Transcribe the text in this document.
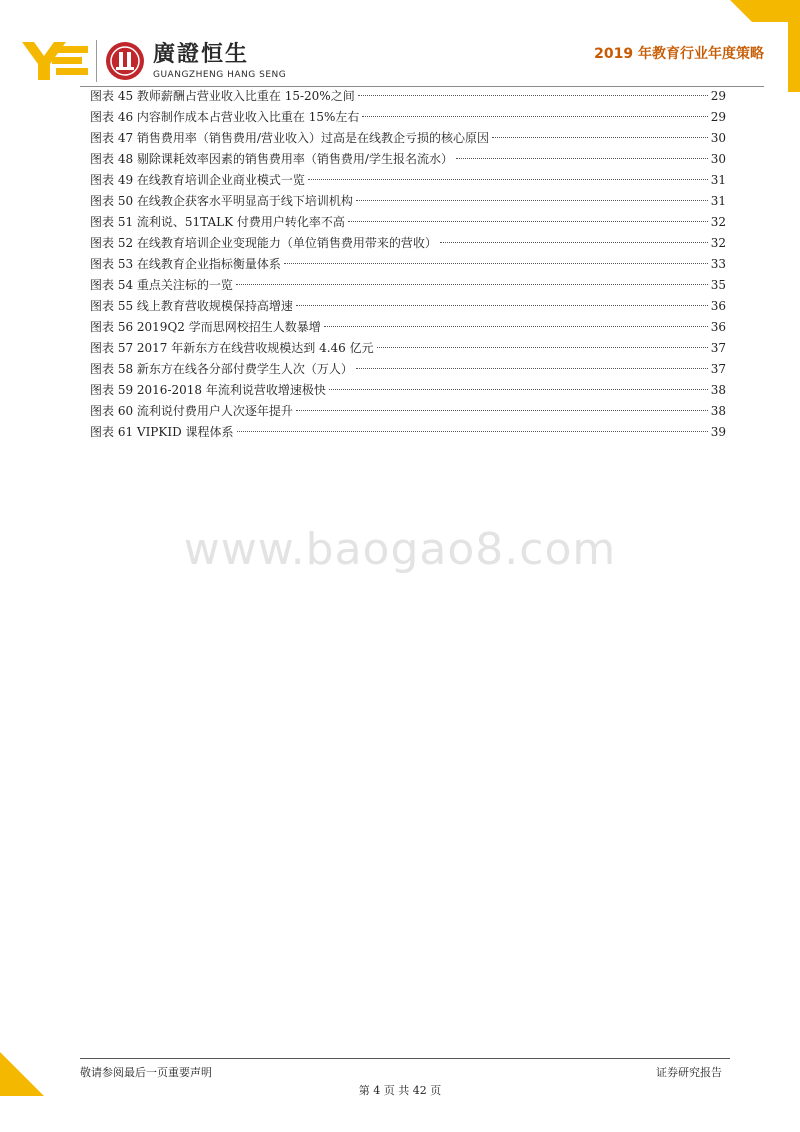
廣證恒生
GUANGZHENG HANG SENG
2019 年教育行业年度策略
图表 45 教师薪酬占营业收入比重在 15-20%之间	29
图表 46 内容制作成本占营业收入比重在 15%左右	29
图表 47 销售费用率（销售费用/营业收入）过高是在线教企亏损的核心原因	30
图表 48 剔除课耗效率因素的销售费用率（销售费用/学生报名流水）	30
图表 49 在线教育培训企业商业模式一览	31
图表 50 在线教企获客水平明显高于线下培训机构	31
图表 51 流利说、51TALK 付费用户转化率不高	32
图表 52 在线教育培训企业变现能力（单位销售费用带来的营收）	32
图表 53 在线教育企业指标衡量体系	33
图表 54 重点关注标的一览	35
图表 55 线上教育营收规模保持高增速	36
图表 56 2019Q2 学而思网校招生人数暴增	36
图表 57 2017 年新东方在线营收规模达到 4.46 亿元	37
图表 58 新东方在线各分部付费学生人次（万人）	37
图表 59 2016-2018 年流利说营收增速极快	38
图表 60 流利说付费用户人次逐年提升	38
图表 61 VIPKID 课程体系	39
www.baogao8.com
敬请参阅最后一页重要声明	证券研究报告
第 4 页 共 42 页
